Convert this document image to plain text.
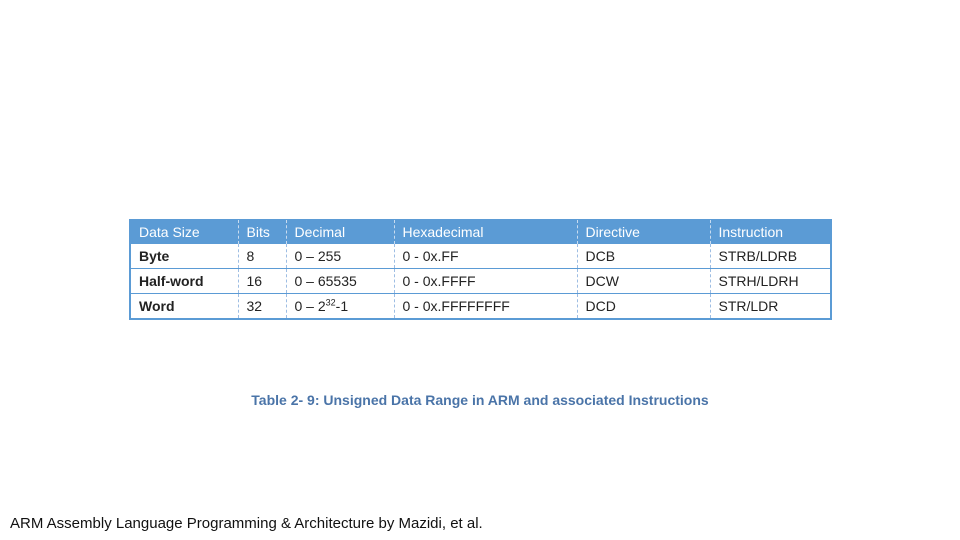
Data Size	Bits	Decimal	Hexadecimal	Directive	Instruction
Byte	8	0 – 255	0 - 0x.FF	DCB	STRB/LDRB
Half-word	16	0 – 65535	0 - 0x.FFFF	DCW	STRH/LDRH
Word	32	$0 - 2^{32}-1$	0 - 0x.FFFFFFFF	DCD	STR/LDR
Table 2- 9: Unsigned Data Range in ARM and associated Instructions
ARM Assembly Language Programming & Architecture by Mazidi, et al.
